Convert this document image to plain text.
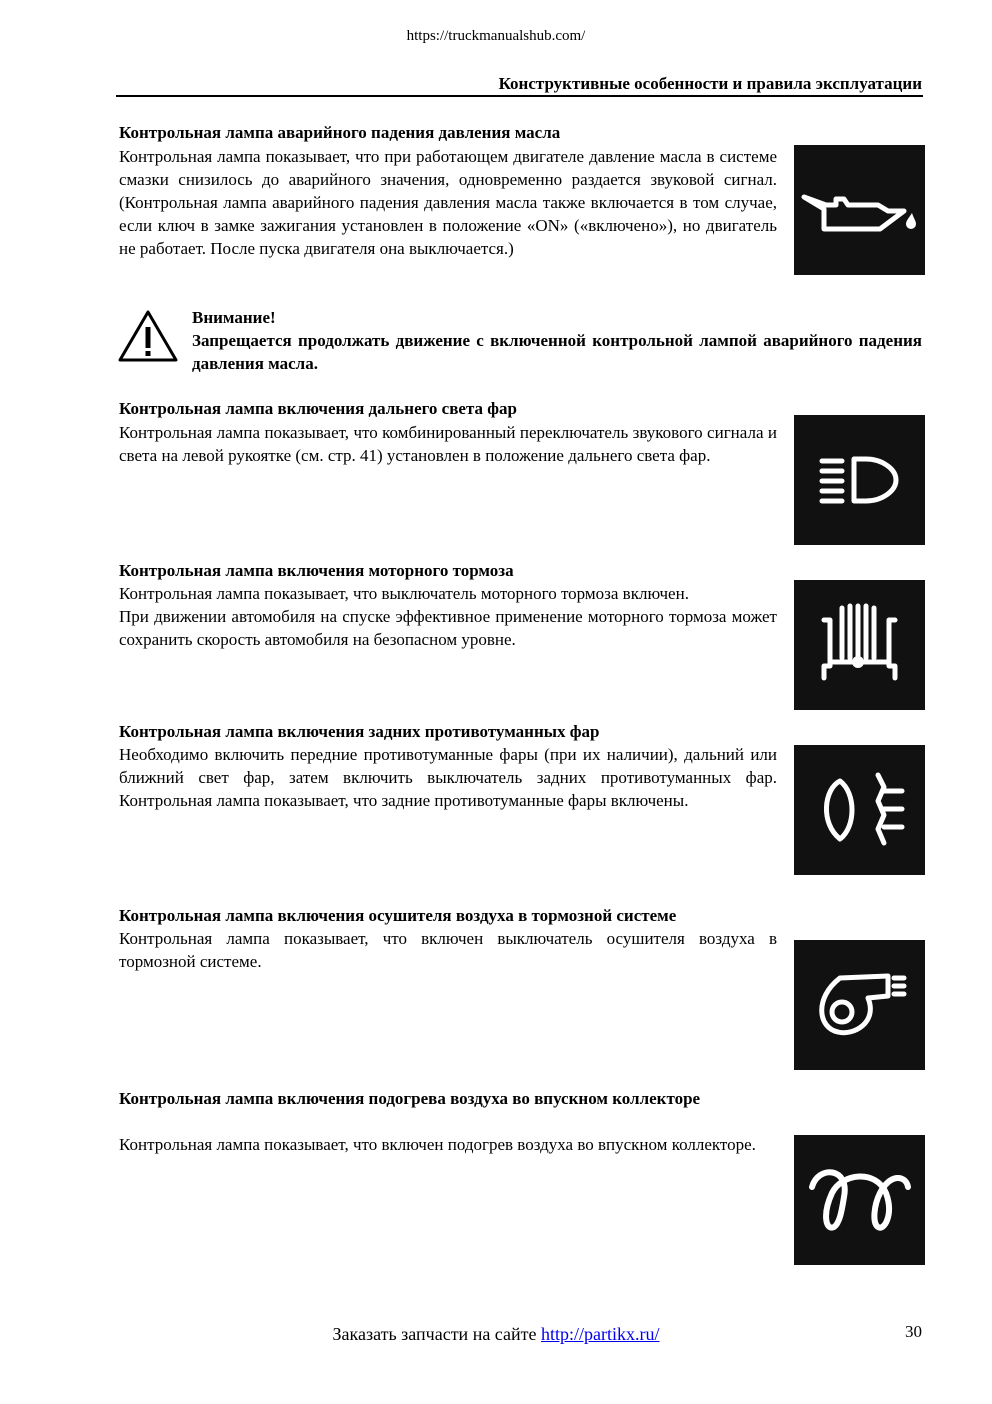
https://truckmanualshub.com/
Конструктивные особенности и правила эксплуатации
Контрольная лампа аварийного падения давления масла

Контрольная лампа показывает, что при работающем двигателе давление масла в системе смазки снизилось до аварийного значения, одновременно раздается звуковой сигнал. (Контрольная лампа аварийного падения давления масла также включается в том случае, если ключ в замке зажигания установлен в положение «ON» («включено»), но двигатель не работает. После пуска двигателя она выключается.)

Внимание!

Запрещается продолжать движение с включенной контрольной лампой аварийного падения давления масла.

Контрольная лампа включения дальнего света фар

Контрольная лампа показывает, что комбинированный переключатель звукового сигнала и света на левой рукоятке (см. стр. 41) установлен в положение дальнего света фар.

Контрольная лампа включения моторного тормоза

Контрольная лампа показывает, что выключатель моторного тормоза включен.

При движении автомобиля на спуске эффективное применение моторного тормоза может сохранить скорость автомобиля на безопасном уровне.

Контрольная лампа включения задних противотуманных фар

Необходимо включить передние противотуманные фары (при их наличии), дальний или ближний свет фар, затем включить выключатель задних противотуманных фар. Контрольная лампа показывает, что задние противотуманные фары включены.

Контрольная лампа включения осушителя воздуха в тормозной системе

Контрольная лампа показывает, что включен выключатель осушителя воздуха в тормозной системе.

Контрольная лампа включения подогрева воздуха во впускном коллекторе

Контрольная лампа показывает, что включен подогрев воздуха во впускном коллекторе.

Заказать запчасти на сайте http://partikx.ru/	30
